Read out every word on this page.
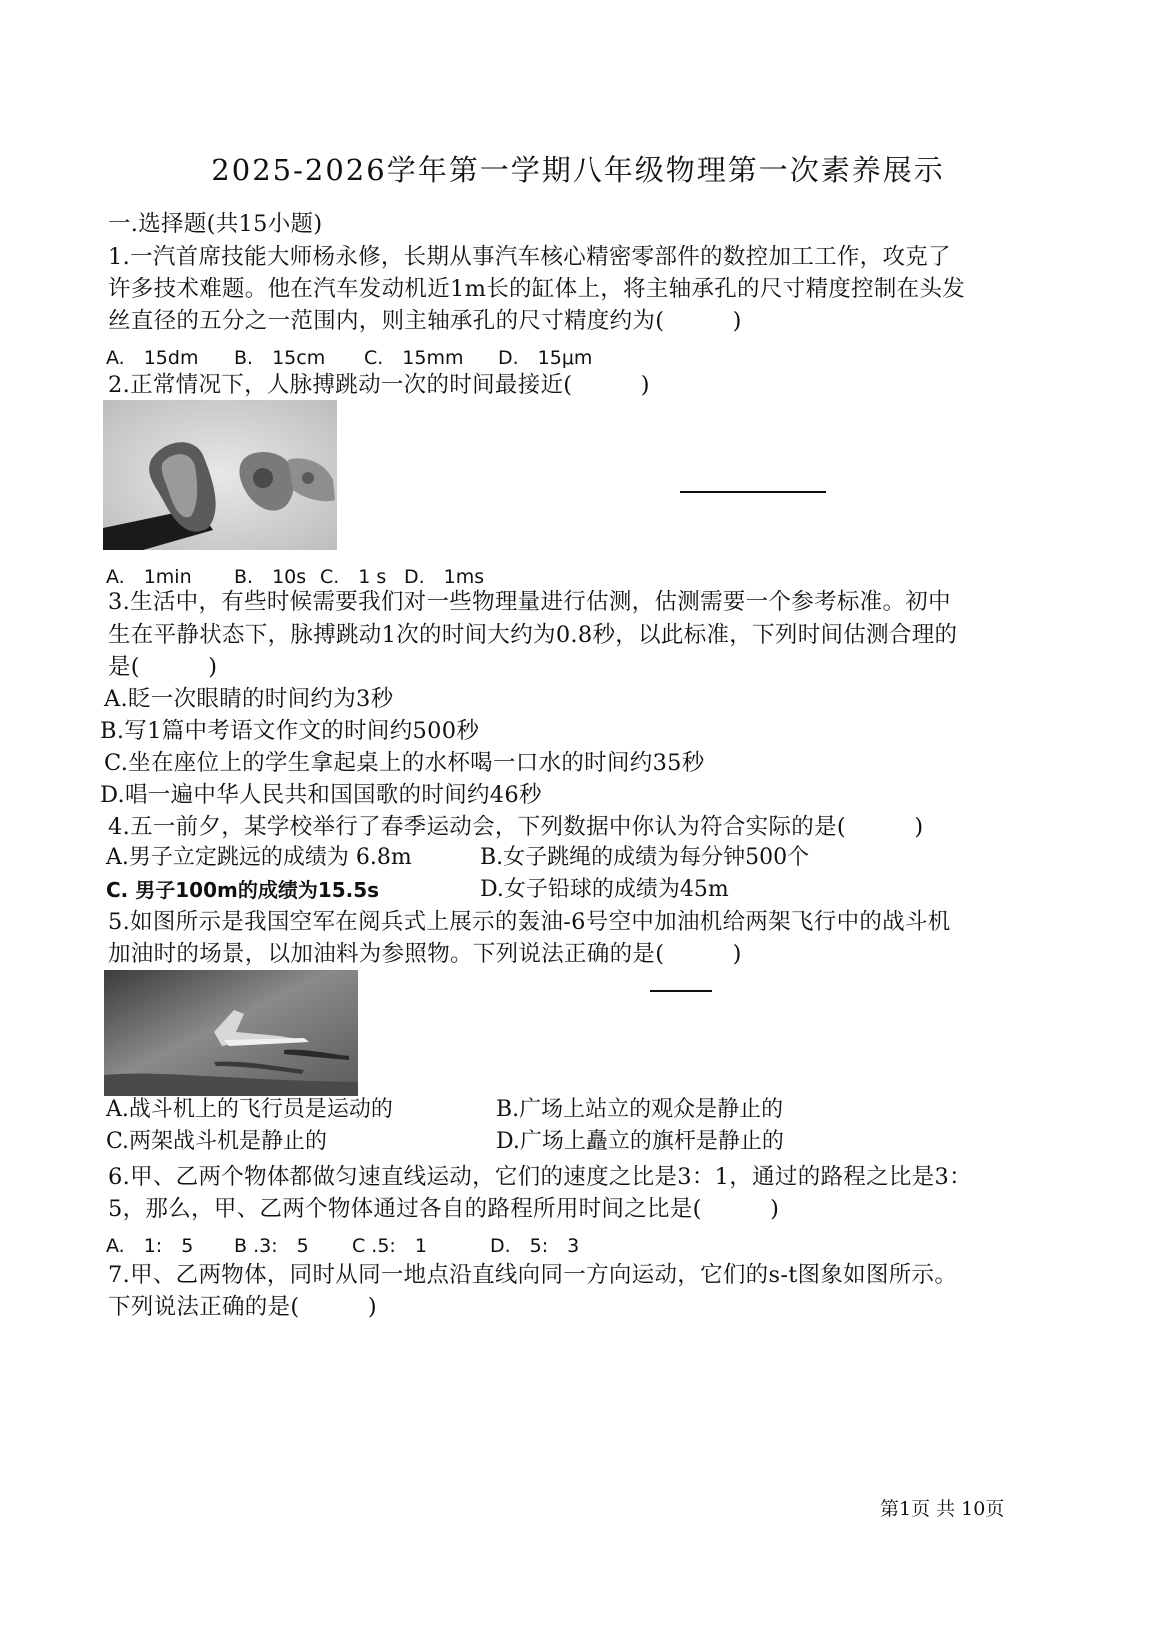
2025-2026学年第一学期八年级物理第一次素养展示
一.选择题(共15小题)
1.一汽首席技能大师杨永修，长期从事汽车核心精密零部件的数控加工工作，攻克了
许多技术难题。他在汽车发动机近1m长的缸体上，将主轴承孔的尺寸精度控制在头发
丝直径的五分之一范围内，则主轴承孔的尺寸精度约为(　　　)
A.　15dm B.　15cm C.　15mm D.　15μm
2.正常情况下，人脉搏跳动一次的时间最接近(　　　)
A.　1min B.　10s C.　1 s D.　1ms
3.生活中，有些时候需要我们对一些物理量进行估测，估测需要一个参考标准。初中
生在平静状态下，脉搏跳动1次的时间大约为0.8秒，以此标准，下列时间估测合理的
是(　　　)
A.眨一次眼睛的时间约为3秒
B.写1篇中考语文作文的时间约500秒
C.坐在座位上的学生拿起桌上的水杯喝一口水的时间约35秒
D.唱一遍中华人民共和国国歌的时间约46秒
4.五一前夕，某学校举行了春季运动会，下列数据中你认为符合实际的是(　　　)
A.男子立定跳远的成绩为 6.8m	B.女子跳绳的成绩为每分钟500个
C. 男子100m的成绩为15.5s	D.女子铅球的成绩为45m
5.如图所示是我国空军在阅兵式上展示的轰油-6号空中加油机给两架飞行中的战斗机
加油时的场景，以加油料为参照物。下列说法正确的是(　　　)
A.战斗机上的飞行员是运动的	B.广场上站立的观众是静止的
C.两架战斗机是静止的	D.广场上矗立的旗杆是静止的
6.甲、乙两个物体都做匀速直线运动，它们的速度之比是3：1，通过的路程之比是3：
5，那么，甲、乙两个物体通过各自的路程所用时间之比是(　　　)
A.　1:　5 B .3:　5 C .5:　1	D.　5:　3
7.甲、乙两物体，同时从同一地点沿直线向同一方向运动，它们的s-t图象如图所示。
下列说法正确的是(　　　)
第1页 共 10页
